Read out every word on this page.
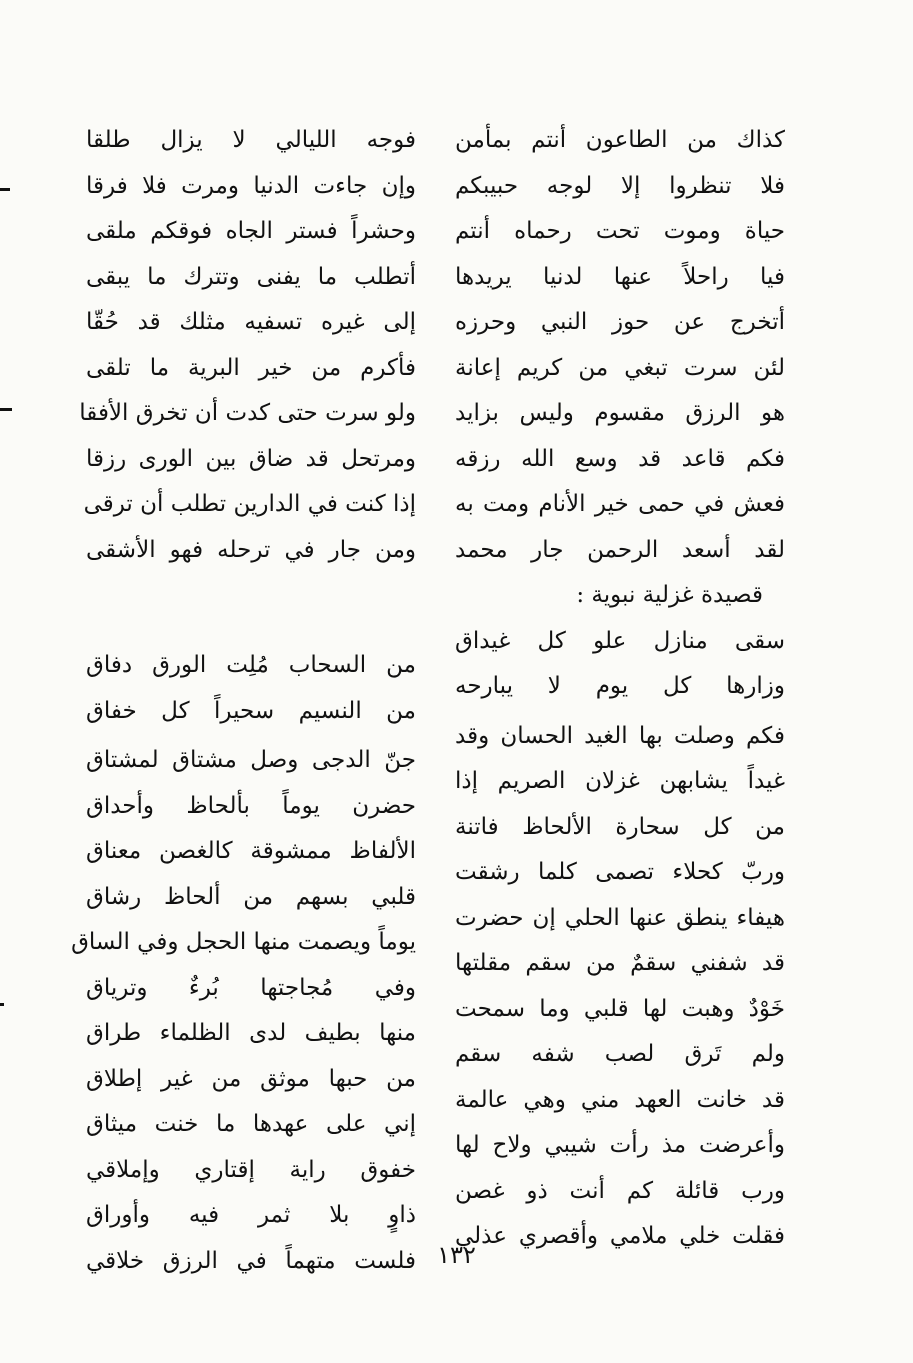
كذاك من الطاعون أنتم بمأمن
فلا تنظروا إلا لوجه حبيبكم
حياة وموت تحت رحماه أنتم
فيا راحلاً عنها لدنيا يريدها
أتخرج عن حوز النبي وحرزه
لئن سرت تبغي من كريم إعانة
هو الرزق مقسوم وليس بزايد
فكم قاعد قد وسع الله رزقه
فعش في حمى خير الأنام ومت به
لقد أسعد الرحمن جار محمد
قصيدة غزلية نبوية :
سقى منازل علو كل غيداق
وزارها كل يوم لا يبارحه
فكم وصلت بها الغيد الحسان وقد
غيداً يشابهن غزلان الصريم إذا
من كل سحارة الألحاظ فاتنة
وربّ كحلاء تصمى كلما رشقت
هيفاء ينطق عنها الحلي إن حضرت
قد شفني سقمٌ من سقم مقلتها
خَوْدٌ وهبت لها قلبي وما سمحت
ولم تَرق لصب شفه سقم
قد خانت العهد مني وهي عالمة
وأعرضت مذ رأت شيبي ولاح لها
ورب قائلة كم أنت ذو غصن
فقلت خلي ملامي وأقصري عذلي
فوجه الليالي لا يزال طلقا
وإن جاءت الدنيا ومرت فلا فرقا
وحشراً فستر الجاه فوقكم ملقى
أتطلب ما يفنى وتترك ما يبقى
إلى غيره تسفيه مثلك قد حُقّا
فأكرم من خير البرية ما تلقى
ولو سرت حتى كدت أن تخرق الأفقا
ومرتحل قد ضاق بين الورى رزقا
إذا كنت في الدارين تطلب أن ترقى
ومن جار في ترحله فهو الأشقى
من السحاب مُلِت الورق دفاق
من النسيم سحيراً كل خفاق
جنّ الدجى وصل مشتاق لمشتاق
حضرن يوماً بألحاظ وأحداق
الألفاظ ممشوقة كالغصن معناق
قلبي بسهم من ألحاظ رشاق
يوماً ويصمت منها الحجل وفي الساق
وفي مُجاجتها بُرءٌ وترياق
منها بطيف لدى الظلماء طراق
من حبها موثق من غير إطلاق
إني على عهدها ما خنت ميثاق
خفوق راية إقتاري وإملاقي
ذاوٍ بلا ثمر فيه وأوراق
فلست متهماً في الرزق خلاقي ١٣٢
